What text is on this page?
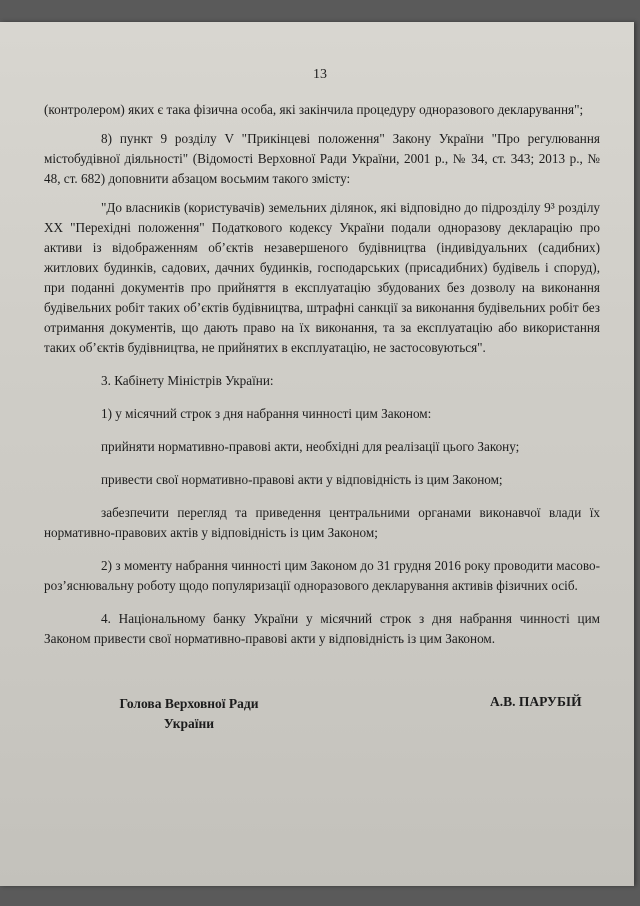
13

(контролером) яких є така фізична особа, які закінчила процедуру одноразового декларування";

8) пункт 9 розділу V "Прикінцеві положення" Закону України "Про регулювання містобудівної діяльності" (Відомості Верховної Ради України, 2001 р., № 34, ст. 343; 2013 р., № 48, ст. 682) доповнити абзацом восьмим такого змісту:

"До власників (користувачів) земельних ділянок, які відповідно до підрозділу 9³ розділу XX "Перехідні положення" Податкового кодексу України подали одноразову декларацію про активи із відображенням об’єктів незавершеного будівництва (індивідуальних (садибних) житлових будинків, садових, дачних будинків, господарських (присадибних) будівель і споруд), при поданні документів про прийняття в експлуатацію збудованих без дозволу на виконання будівельних робіт таких об’єктів будівництва, штрафні санкції за виконання будівельних робіт без отримання документів, що дають право на їх виконання, та за експлуатацію або використання таких об’єктів будівництва, не прийнятих в експлуатацію, не застосовуються".

3. Кабінету Міністрів України:

1) у місячний строк з дня набрання чинності цим Законом:

прийняти нормативно-правові акти, необхідні для реалізації цього Закону;

привести свої нормативно-правові акти у відповідність із цим Законом;

забезпечити перегляд та приведення центральними органами виконавчої влади їх нормативно-правових актів у відповідність із цим Законом;

2) з моменту набрання чинності цим Законом до 31 грудня 2016 року проводити масово-роз’яснювальну роботу щодо популяризації одноразового декларування активів фізичних осіб.

4. Національному банку України у місячний строк з дня набрання чинності цим Законом привести свої нормативно-правові акти у відповідність із цим Законом.

Голова Верховної Ради
України
А.В. ПАРУБІЙ
